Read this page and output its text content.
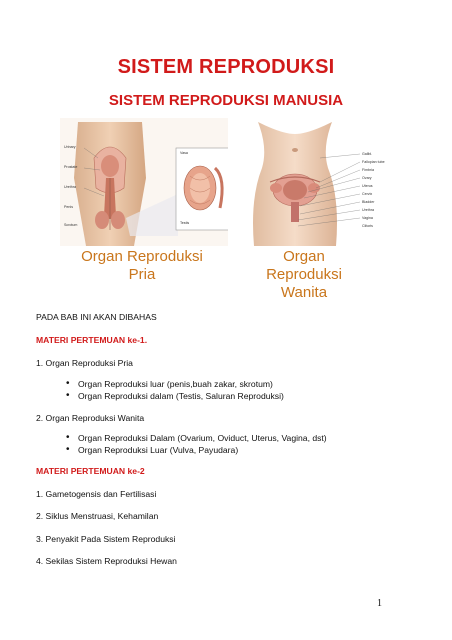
SISTEM REPRODUKSI
SISTEM REPRODUKSI MANUSIA
Urinary
Prostate
Urethra
Penis
Scrotum
Vasa
Testis
Gallbl.
Fallopian tube
Fimbria
Ovary
Uterus
Cervix
Bladder
Urethra
Vagina
Clitoris
Organ Reproduksi
Pria
Organ Reproduksi
Wanita
PADA BAB INI AKAN DIBAHAS
MATERI PERTEMUAN ke-1.
1. Organ Reproduksi Pria
• Organ Reproduksi luar (penis,buah zakar, skrotum)
• Organ Reproduksi dalam (Testis, Saluran Reproduksi)
2. Organ Reproduksi Wanita
• Organ Reproduksi Dalam (Ovarium, Oviduct, Uterus, Vagina, dst)
• Organ Reproduksi Luar (Vulva, Payudara)
MATERI PERTEMUAN ke-2
1. Gametogensis dan Fertilisasi
2. Siklus Menstruasi, Kehamilan
3. Penyakit Pada Sistem Reproduksi
4. Sekilas Sistem Reproduksi Hewan
1
